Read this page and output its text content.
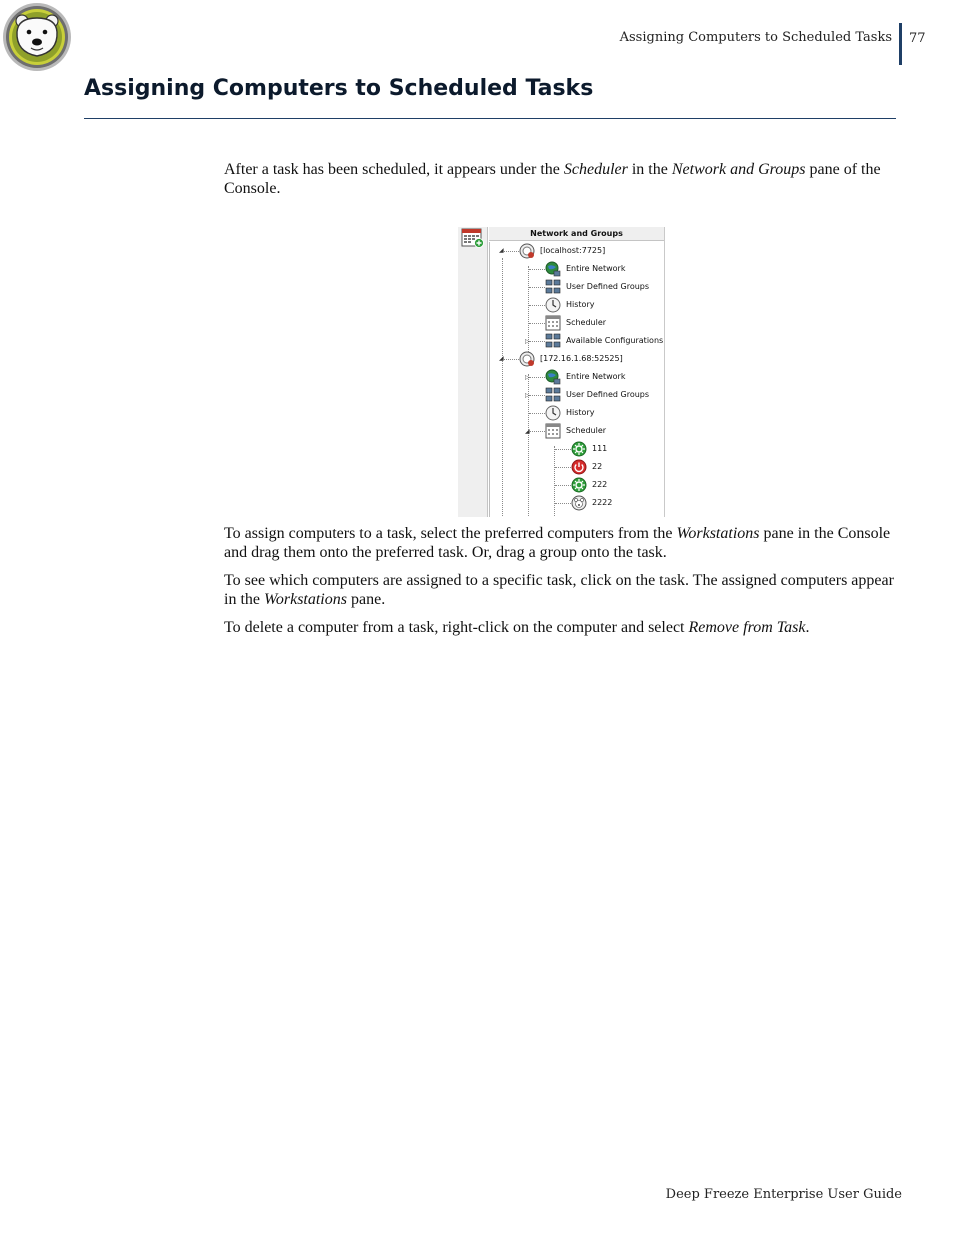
Assigning Computers to Scheduled Tasks 77
Assigning Computers to Scheduled Tasks

After a task has been scheduled, it appears under the Scheduler in the Network and Groups pane of the Console.

Network and Groups
◢
▷
◢
▷
▷
◢
[localhost:7725]
Entire Network
User Defined Groups
History
Scheduler
Available Configurations
[172.16.1.68:52525]
Entire Network
User Defined Groups
History
Scheduler
111
22
222
2222

To assign computers to a task, select the preferred computers from the Workstations pane in the Console and drag them onto the preferred task. Or, drag a group onto the task.

To see which computers are assigned to a specific task, click on the task. The assigned computers appear in the Workstations pane.

To delete a computer from a task, right-click on the computer and select Remove from Task.

Deep Freeze Enterprise User Guide
